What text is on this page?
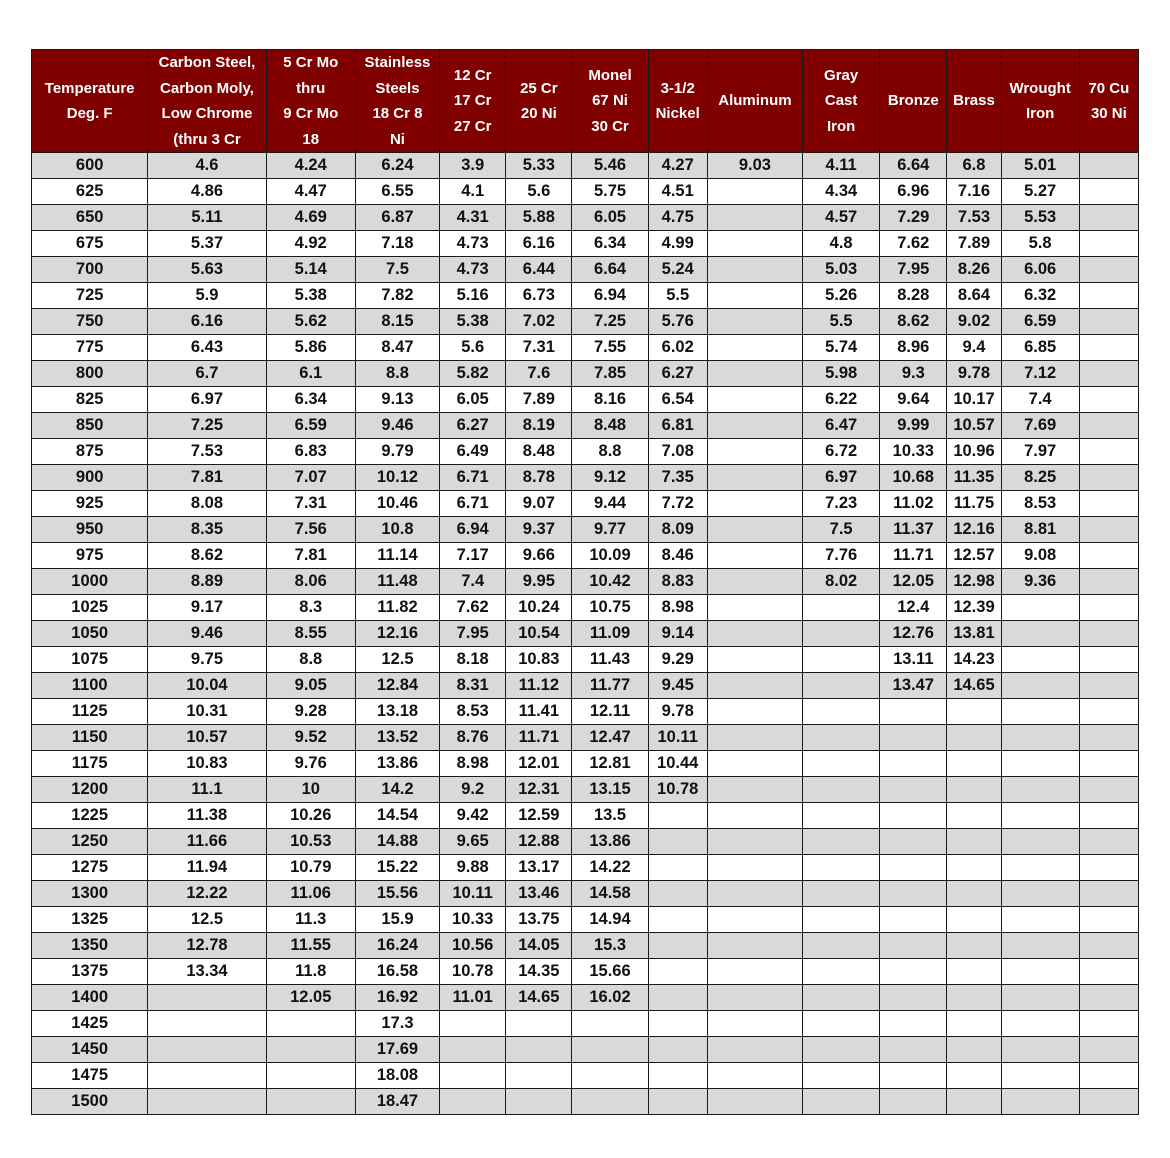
Temperature
Deg. F	Carbon Steel,
Carbon Moly,
Low Chrome
(thru 3 Cr	5 Cr Mo
thru
9 Cr Mo
18	Stainless
Steels
18 Cr 8
Ni	12 Cr
17 Cr
27 Cr	25 Cr
20 Ni	Monel
67 Ni
30 Cr	3-1/2
Nickel	Aluminum	Gray
Cast
Iron	Bronze	Brass	Wrought
Iron	70 Cu
30 Ni

600	4.6	4.24	6.24	3.9	5.33	5.46	4.27	9.03	4.11	6.64	6.8	5.01	
625	4.86	4.47	6.55	4.1	5.6	5.75	4.51		4.34	6.96	7.16	5.27	
650	5.11	4.69	6.87	4.31	5.88	6.05	4.75		4.57	7.29	7.53	5.53	
675	5.37	4.92	7.18	4.73	6.16	6.34	4.99		4.8	7.62	7.89	5.8	
700	5.63	5.14	7.5	4.73	6.44	6.64	5.24		5.03	7.95	8.26	6.06	
725	5.9	5.38	7.82	5.16	6.73	6.94	5.5		5.26	8.28	8.64	6.32	
750	6.16	5.62	8.15	5.38	7.02	7.25	5.76		5.5	8.62	9.02	6.59	
775	6.43	5.86	8.47	5.6	7.31	7.55	6.02		5.74	8.96	9.4	6.85	
800	6.7	6.1	8.8	5.82	7.6	7.85	6.27		5.98	9.3	9.78	7.12	
825	6.97	6.34	9.13	6.05	7.89	8.16	6.54		6.22	9.64	10.17	7.4	
850	7.25	6.59	9.46	6.27	8.19	8.48	6.81		6.47	9.99	10.57	7.69	
875	7.53	6.83	9.79	6.49	8.48	8.8	7.08		6.72	10.33	10.96	7.97	
900	7.81	7.07	10.12	6.71	8.78	9.12	7.35		6.97	10.68	11.35	8.25	
925	8.08	7.31	10.46	6.71	9.07	9.44	7.72		7.23	11.02	11.75	8.53	
950	8.35	7.56	10.8	6.94	9.37	9.77	8.09		7.5	11.37	12.16	8.81	
975	8.62	7.81	11.14	7.17	9.66	10.09	8.46		7.76	11.71	12.57	9.08	
1000	8.89	8.06	11.48	7.4	9.95	10.42	8.83		8.02	12.05	12.98	9.36	
1025	9.17	8.3	11.82	7.62	10.24	10.75	8.98			12.4	12.39		
1050	9.46	8.55	12.16	7.95	10.54	11.09	9.14			12.76	13.81		
1075	9.75	8.8	12.5	8.18	10.83	11.43	9.29			13.11	14.23		
1100	10.04	9.05	12.84	8.31	11.12	11.77	9.45			13.47	14.65		
1125	10.31	9.28	13.18	8.53	11.41	12.11	9.78						
1150	10.57	9.52	13.52	8.76	11.71	12.47	10.11						
1175	10.83	9.76	13.86	8.98	12.01	12.81	10.44						
1200	11.1	10	14.2	9.2	12.31	13.15	10.78						
1225	11.38	10.26	14.54	9.42	12.59	13.5							
1250	11.66	10.53	14.88	9.65	12.88	13.86							
1275	11.94	10.79	15.22	9.88	13.17	14.22							
1300	12.22	11.06	15.56	10.11	13.46	14.58							
1325	12.5	11.3	15.9	10.33	13.75	14.94							
1350	12.78	11.55	16.24	10.56	14.05	15.3							
1375	13.34	11.8	16.58	10.78	14.35	15.66							
1400		12.05	16.92	11.01	14.65	16.02							
1425			17.3										
1450			17.69										
1475			18.08										
1500			18.47										
